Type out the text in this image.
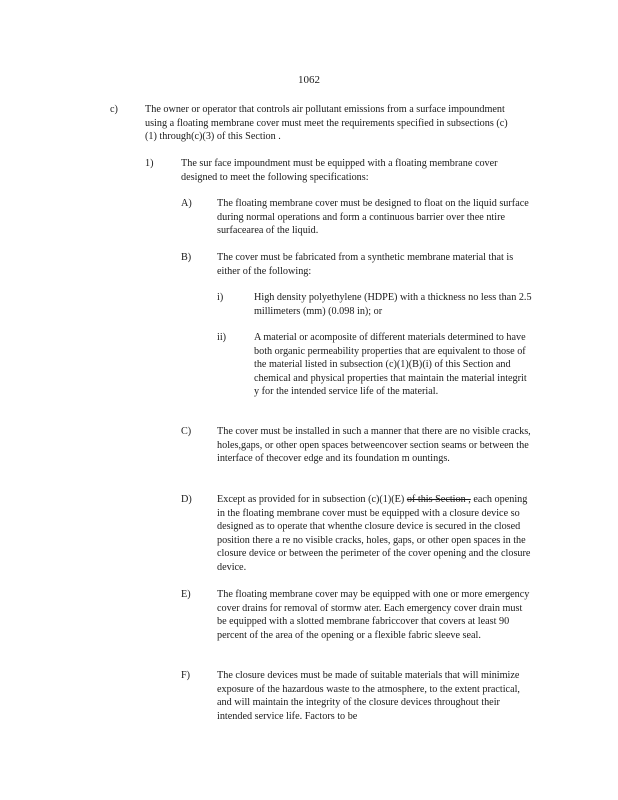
1062
c)	The owner or operator that controls air pollutant emissions from a surface impoundment using a floating membrane cover must meet the requirements specified in subsections (c)(1) through(c)(3) of this Section .

1)	The sur face impoundment must be equipped with a floating membrane cover designed to meet the following specifications:

A) The floating membrane cover must be designed to float on the liquid surface during normal operations and form a continuous barrier over thee ntire surfacearea of the liquid.

B)	The cover must be fabricated from a synthetic membrane material that is either of the following:

i)	High density polyethylene (HDPE) with a thickness no less than 2.5 millimeters (mm) (0.098 in); or

ii)	A material or acomposite of different materials determined to have both organic permeability properties that are equivalent to those of the material listed in subsection (c)(1)(B)(i) of this Section and chemical and physical properties that maintain the material integrit y for the intended service life of the material.

C)	The cover must be installed in such a manner that there are no visible cracks, holes,gaps, or other open spaces betweencover section seams or between the interface of thecover edge and its foundation m ountings.

D) Except as provided for in subsection (c)(1)(E) of this Section , each opening in the floating membrane cover must be equipped with a closure device so designed as to operate that whenthe closure device is secured in the closed position there a re no visible cracks, holes, gaps, or other open spaces in the closure device or between the perimeter of the cover opening and the closure device.

E)	The floating membrane cover may be equipped with one or more emergency cover drains for removal of stormw ater. Each emergency cover drain must be equipped with a slotted membrane fabriccover that covers at least 90 percent of the area of the opening or a flexible fabric sleeve seal.

F)	The closure devices must be made of suitable materials that will minimize exposure of the hazardous waste to the atmosphere, to the extent practical, and will maintain the integrity of the closure devices throughout their intended service life. Factors to be
